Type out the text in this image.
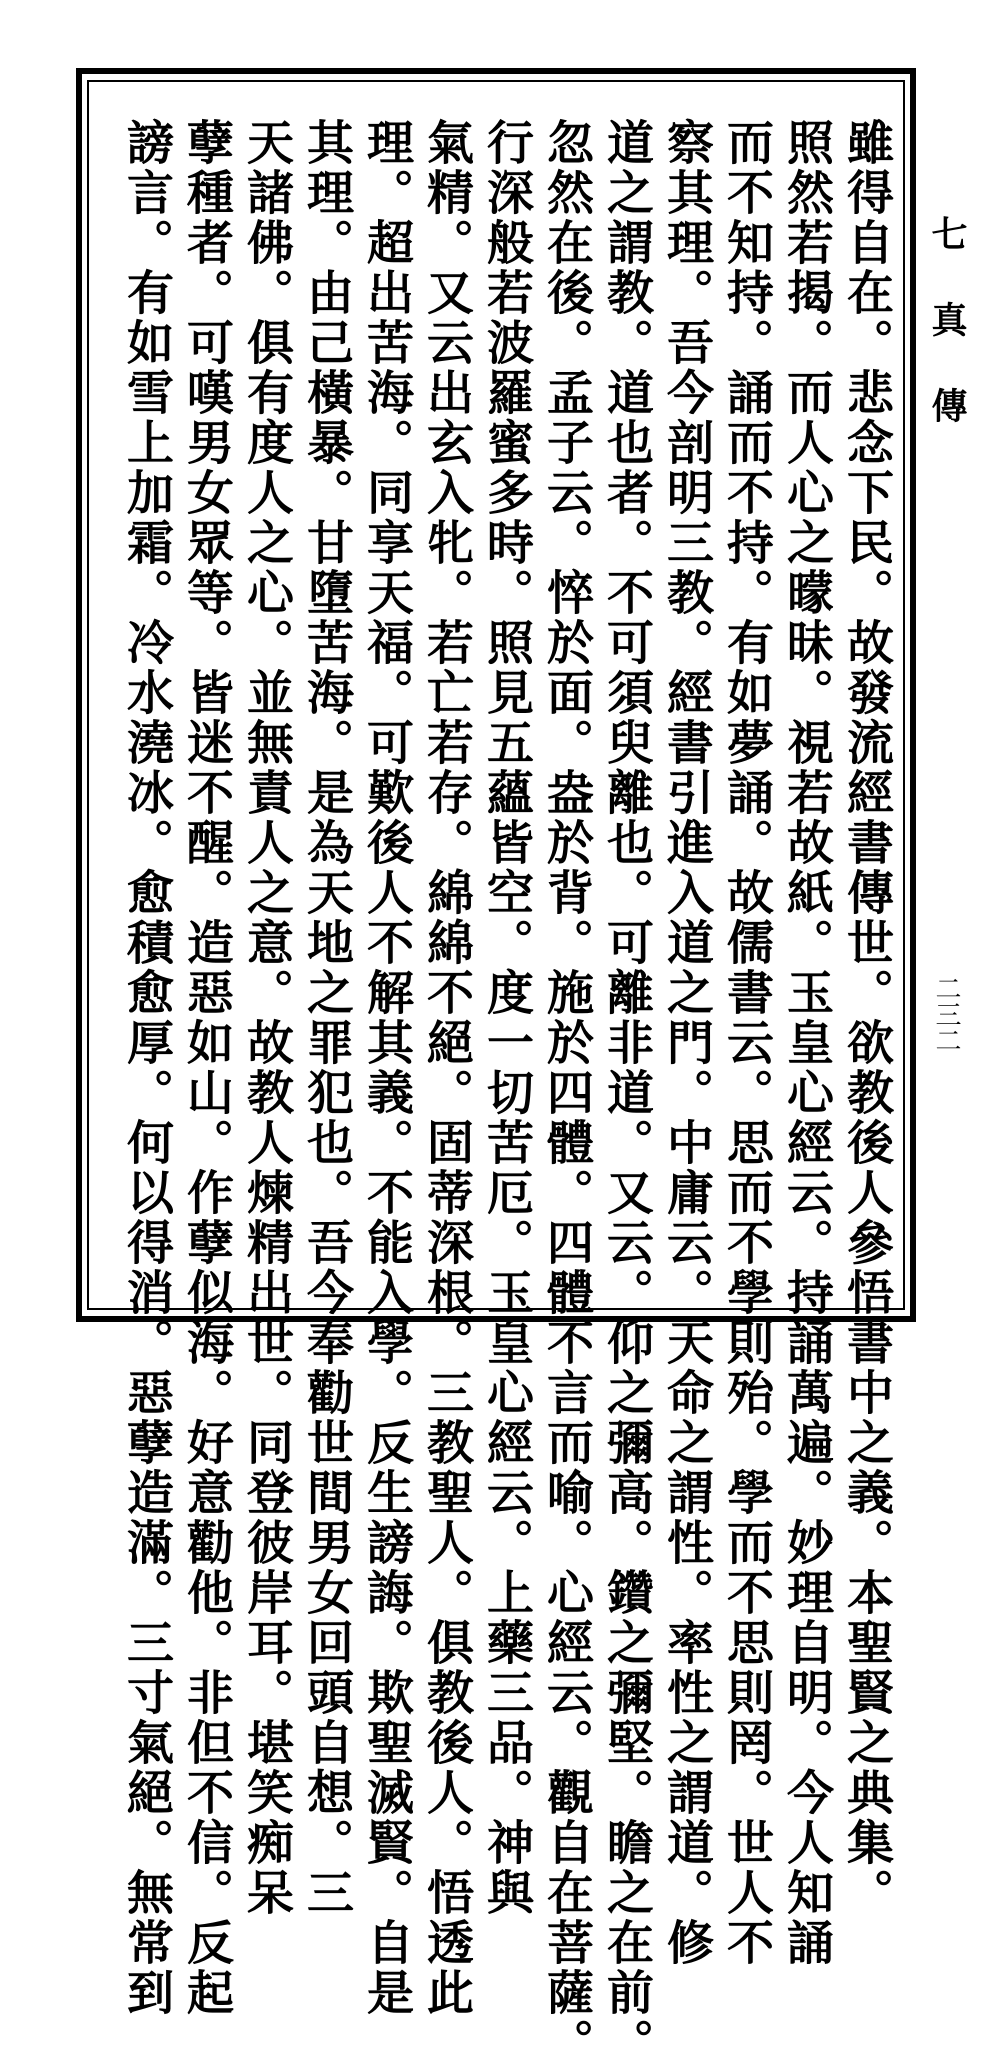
雖得自在。悲念下民。故發流經書傳世。欲教後人參悟書中之義。本聖賢之典集。
照然若揭。而人心之曚昧。視若故紙。玉皇心經云。持誦萬遍。妙理自明。今人知誦
而不知持。誦而不持。有如夢誦。故儒書云。思而不學則殆。學而不思則罔。世人不
察其理。吾今剖明三教。經書引進入道之門。中庸云。天命之謂性。率性之謂道。修
道之謂教。道也者。不可須臾離也。可離非道。又云。仰之彌高。鑽之彌堅。瞻之在前。
忽然在後。孟子云。悴於面。盎於背。施於四體。四體不言而喻。心經云。觀自在菩薩。
行深般若波羅蜜多時。照見五蘊皆空。度一切苦厄。玉皇心經云。上藥三品。神與
氣精。又云出玄入牝。若亡若存。綿綿不絕。固蒂深根。三教聖人。俱教後人。悟透此
理。超出苦海。同享天福。可歎後人不解其義。不能入學。反生謗誨。欺聖滅賢。自是
其理。由己橫暴。甘墮苦海。是為天地之罪犯也。吾今奉勸世間男女回頭自想。三
天諸佛。俱有度人之心。並無責人之意。故教人煉精出世。同登彼岸耳。堪笑痴呆
孽種者。可嘆男女眾等。皆迷不醒。造惡如山。作孽似海。好意勸他。非但不信。反起
謗言。有如雪上加霜。冷水澆冰。愈積愈厚。何以得消。惡孽造滿。三寸氣絕。無常到	七真傳
二三二
